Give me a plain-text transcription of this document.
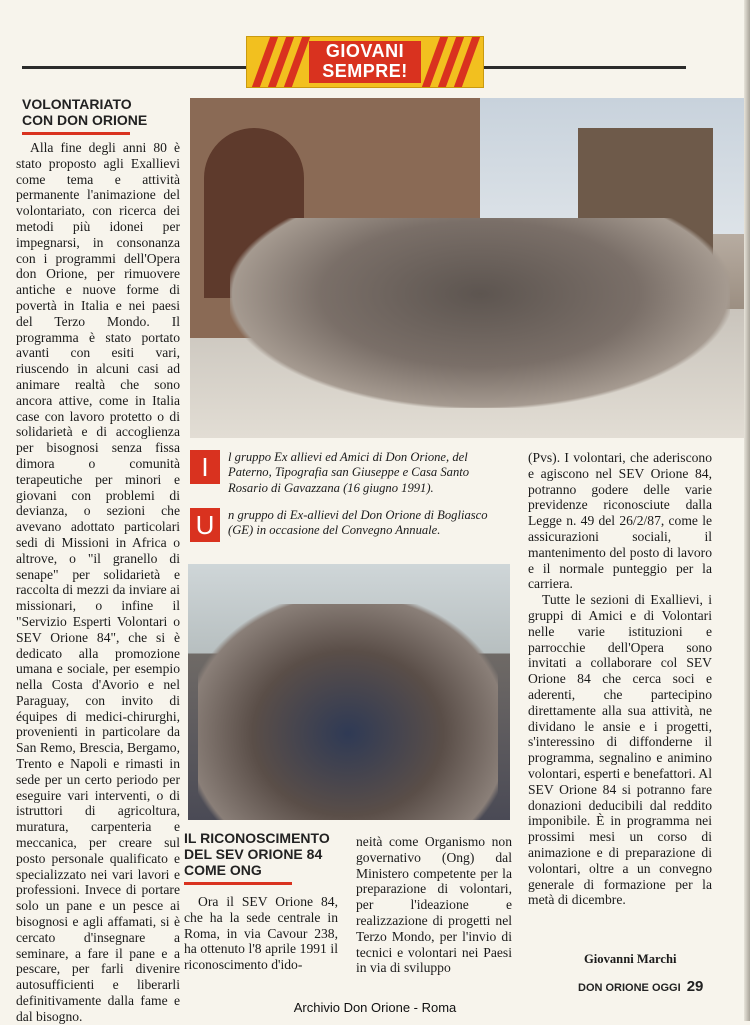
GIOVANI
SEMPRE!
VOLONTARIATO
CON DON ORIONE

Alla fine degli anni 80 è stato proposto agli Exallievi come tema e attività permanente l'animazione del volontariato, con ricerca dei metodi più idonei per impegnarsi, in consonanza con i programmi dell'Opera don Orione, per rimuovere antiche e nuove forme di povertà in Italia e nei paesi del Terzo Mondo. Il programma è stato portato avanti con esiti vari, riuscendo in alcuni casi ad animare realtà che sono ancora attive, come in Italia case con lavoro protetto o di solidarietà e di accoglienza per bisognosi senza fissa dimora o comunità terapeutiche per minori e giovani con problemi di devianza, o sezioni che avevano adottato particolari sedi di Missioni in Africa o altrove, o "il granello di senape" per solidarietà e raccolta di mezzi da inviare ai missionari, o infine il "Servizio Esperti Volontari o SEV Orione 84", che si è dedicato alla promozione umana e sociale, per esempio nella Costa d'Avorio e nel Paraguay, con invito di équipes di medici-chirurghi, provenienti in particolare da San Remo, Brescia, Bergamo, Trento e Napoli e rimasti in sede per un certo periodo per eseguire vari interventi, o di istruttori di agricoltura, muratura, carpenteria e meccanica, per creare sul posto personale qualificato e specializzato nei vari lavori e professioni. Invece di portare solo un pane e un pesce ai bisognosi e agli affamati, si è cercato d'insegnare a seminare, a fare il pane e a pescare, per farli divenire autosufficienti e liberarli definitivamente dalla fame e dal bisogno.

I	l gruppo Ex allievi ed Amici di Don Orione, del Paterno, Tipografia san Giuseppe e Casa Santo Rosario di Gavazzana (16 giugno 1991).
U	n gruppo di Ex-allievi del Don Orione di Bogliasco (GE) in occasione del Convegno Annuale.

(Pvs). I volontari, che aderiscono e agiscono nel SEV Orione 84, potranno godere delle varie previdenze riconosciute dalla Legge n. 49 del 26/2/87, come le assicurazioni sociali, il mantenimento del posto di lavoro e il normale punteggio per la carriera.

Tutte le sezioni di Exallievi, i gruppi di Amici e di Volontari nelle varie istituzioni e parrocchie dell'Opera sono invitati a collaborare col SEV Orione 84 che cerca soci e aderenti, che partecipino direttamente alla sua attività, ne dividano le ansie e i progetti, s'interessino di diffonderne il programma, segnalino e animino volontari, esperti e benefattori. Al SEV Orione 84 si potranno fare donazioni deducibili dal reddito imponibile. È in programma nei prossimi mesi un corso di animazione e di preparazione di volontari, oltre a un convegno generale di formazione per la metà di dicembre.

IL RICONOSCIMENTO
DEL SEV ORIONE 84
COME ONG

Ora il SEV Orione 84, che ha la sede centrale in Roma, in via Cavour 238, ha ottenuto l'8 aprile 1991 il riconoscimento d'ido-

neità come Organismo non governativo (Ong) dal Ministero competente per la preparazione di volontari, per l'ideazione e realizzazione di progetti nel Terzo Mondo, per l'invio di tecnici e volontari nei Paesi in via di sviluppo

Giovanni Marchi
DON ORIONE OGGI 29
Archivio Don Orione - Roma
